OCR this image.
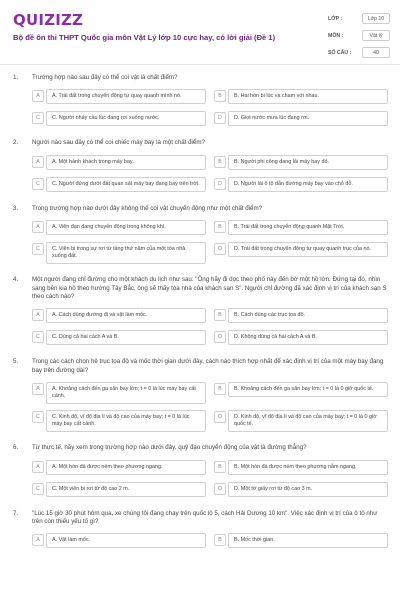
QUIZIZZ
Bộ đề ôn thi THPT Quốc gia môn Vật Lý lớp 10 cực hay, có lời giải (Đề 1)
LỚP :	Lớp 10
MÔN :	Vật lý
SỐ CÂU :	40
1. Trường hợp nào sau đây có thể coi vật là chất điểm?
A	A. Trái đất trong chuyển động tự quay quanh mình nó.	B	B. Hai hòn bi lúc va chạm với nhau.
C	C. Người nhảy cầu lúc đang rơi xuống nước.	D	D. Giọt nước mưa lúc đang rơi.
2. Người nào sau đây có thể coi chiếc máy bay là một chất điểm?
A	A. Một hành khách trong máy bay.	B	B. Người phi công đang lái máy bay đó.
C	C. Người đứng dưới đất quan sát máy bay đang bay trên trời.	D	D. Người lái ô tô dẫn đường máy bay vào chỗ đỗ.
3. Trong trường hợp nào dưới đây không thể coi vật chuyển động như một chất điểm?
A	A. Viên đạn đang chuyển động trong không khí.	B	B. Trái đất trong chuyển động quanh Mặt Trời.
C	C. Viên bi trong sự rơi từ tầng thứ năm của một tòa nhà xuống đất.
D	D. Trái đất trong chuyển động tự quay quanh trục của nó.
4. Một người đang chỉ đường cho một khách du lịch như sau: "Ông hãy đi dọc theo phố này đến bờ một hồ lớn. Đứng tại đó, nhìn sang bên kia hồ theo hướng Tây Bắc, ông sẽ thấy tòa nhà của khách sạn S". Người chỉ đường đã xác định vị trí của khách sạn S theo cách nào?
A	A. Cách dùng đường đi và vật làm mốc.	B	B. Cách dùng các trục tọa độ.
C	C. Dùng cả hai cách A và B.	D	D. Không dùng cả hai cách A và B.
5. Trong các cách chọn hệ trục tọa độ và mốc thời gian dưới đây, cách nào thích hợp nhất để xác định vị trí của một máy bay đang bay trên đường dài?
A	A. Khoảng cách đến ga sân bay lớn; t = 0 là lúc máy bay cất cánh.
B	B. Khoảng cách đến ga sân bay lớn; t = 0 là 0 giờ quốc tế.
C	C. Kinh độ, vĩ độ địa lí và độ cao của máy bay; t = 0 là lúc máy bay cất cánh.
D	D. Kinh độ, vĩ độ địa lí và độ cao của máy bay; t = 0 là 0 giờ quốc tế.
6. Từ thực tế, hãy xem trong trường hợp nào dưới đây, quỹ đạo chuyển động của vật là đường thẳng?
A	A. Một hòn đá được ném theo phương ngang.	B	B. Một hòn đá được ném theo phương nằm ngang.
C	C. Một viên bi rơi từ độ cao 2 m.	D	D. Một tờ giấy rơi từ độ cao 3 m.
7. "Lúc 15 giờ 30 phút hôm qua, xe chúng tôi đang chạy trên quốc lộ 5, cách Hải Dương 10 km". Việc xác định vị trí của ô tô như trên còn thiếu yếu tố gì?
A	A. Vật làm mốc.	B	B. Mốc thời gian.
